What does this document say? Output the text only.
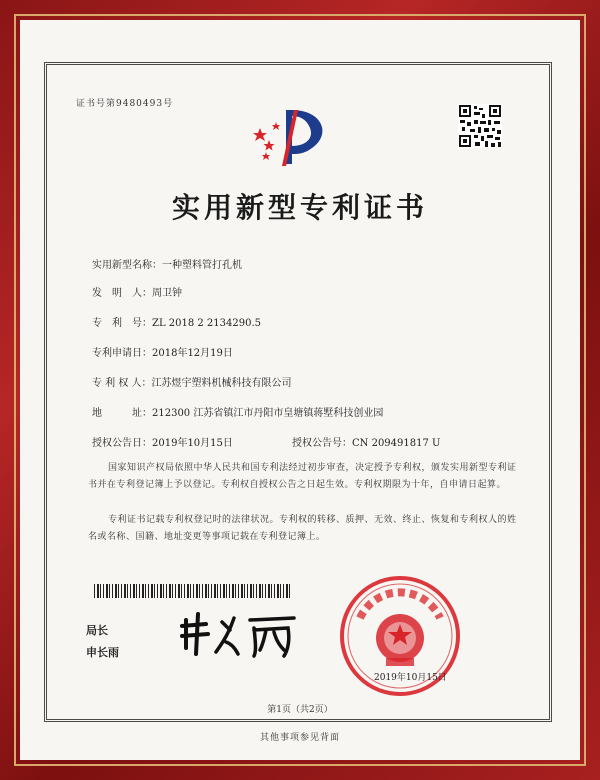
证书号第9480493号
实用新型专利证书
实用新型名称：一种塑料管打孔机
发　明　人：周卫钟
专　利　号：ZL 2018 2 2134290.5
专利申请日：2018年12月19日
专 利 权 人：江苏煜宇塑料机械科技有限公司
地　　　址：212300 江苏省镇江市丹阳市皇塘镇蒋墅科技创业园
授权公告日：2019年10月15日	授权公告号：CN 209491817 U
国家知识产权局依照中华人民共和国专利法经过初步审查，决定授予专利权，颁发实用新型专利证书并在专利登记簿上予以登记。专利权自授权公告之日起生效。专利权期限为十年，自申请日起算。
专利证书记载专利权登记时的法律状况。专利权的转移、质押、无效、终止、恢复和专利权人的姓名或名称、国籍、地址变更等事项记载在专利登记簿上。
局长
申长雨
2019年10月15日
第1页（共2页）
其他事项参见背面
